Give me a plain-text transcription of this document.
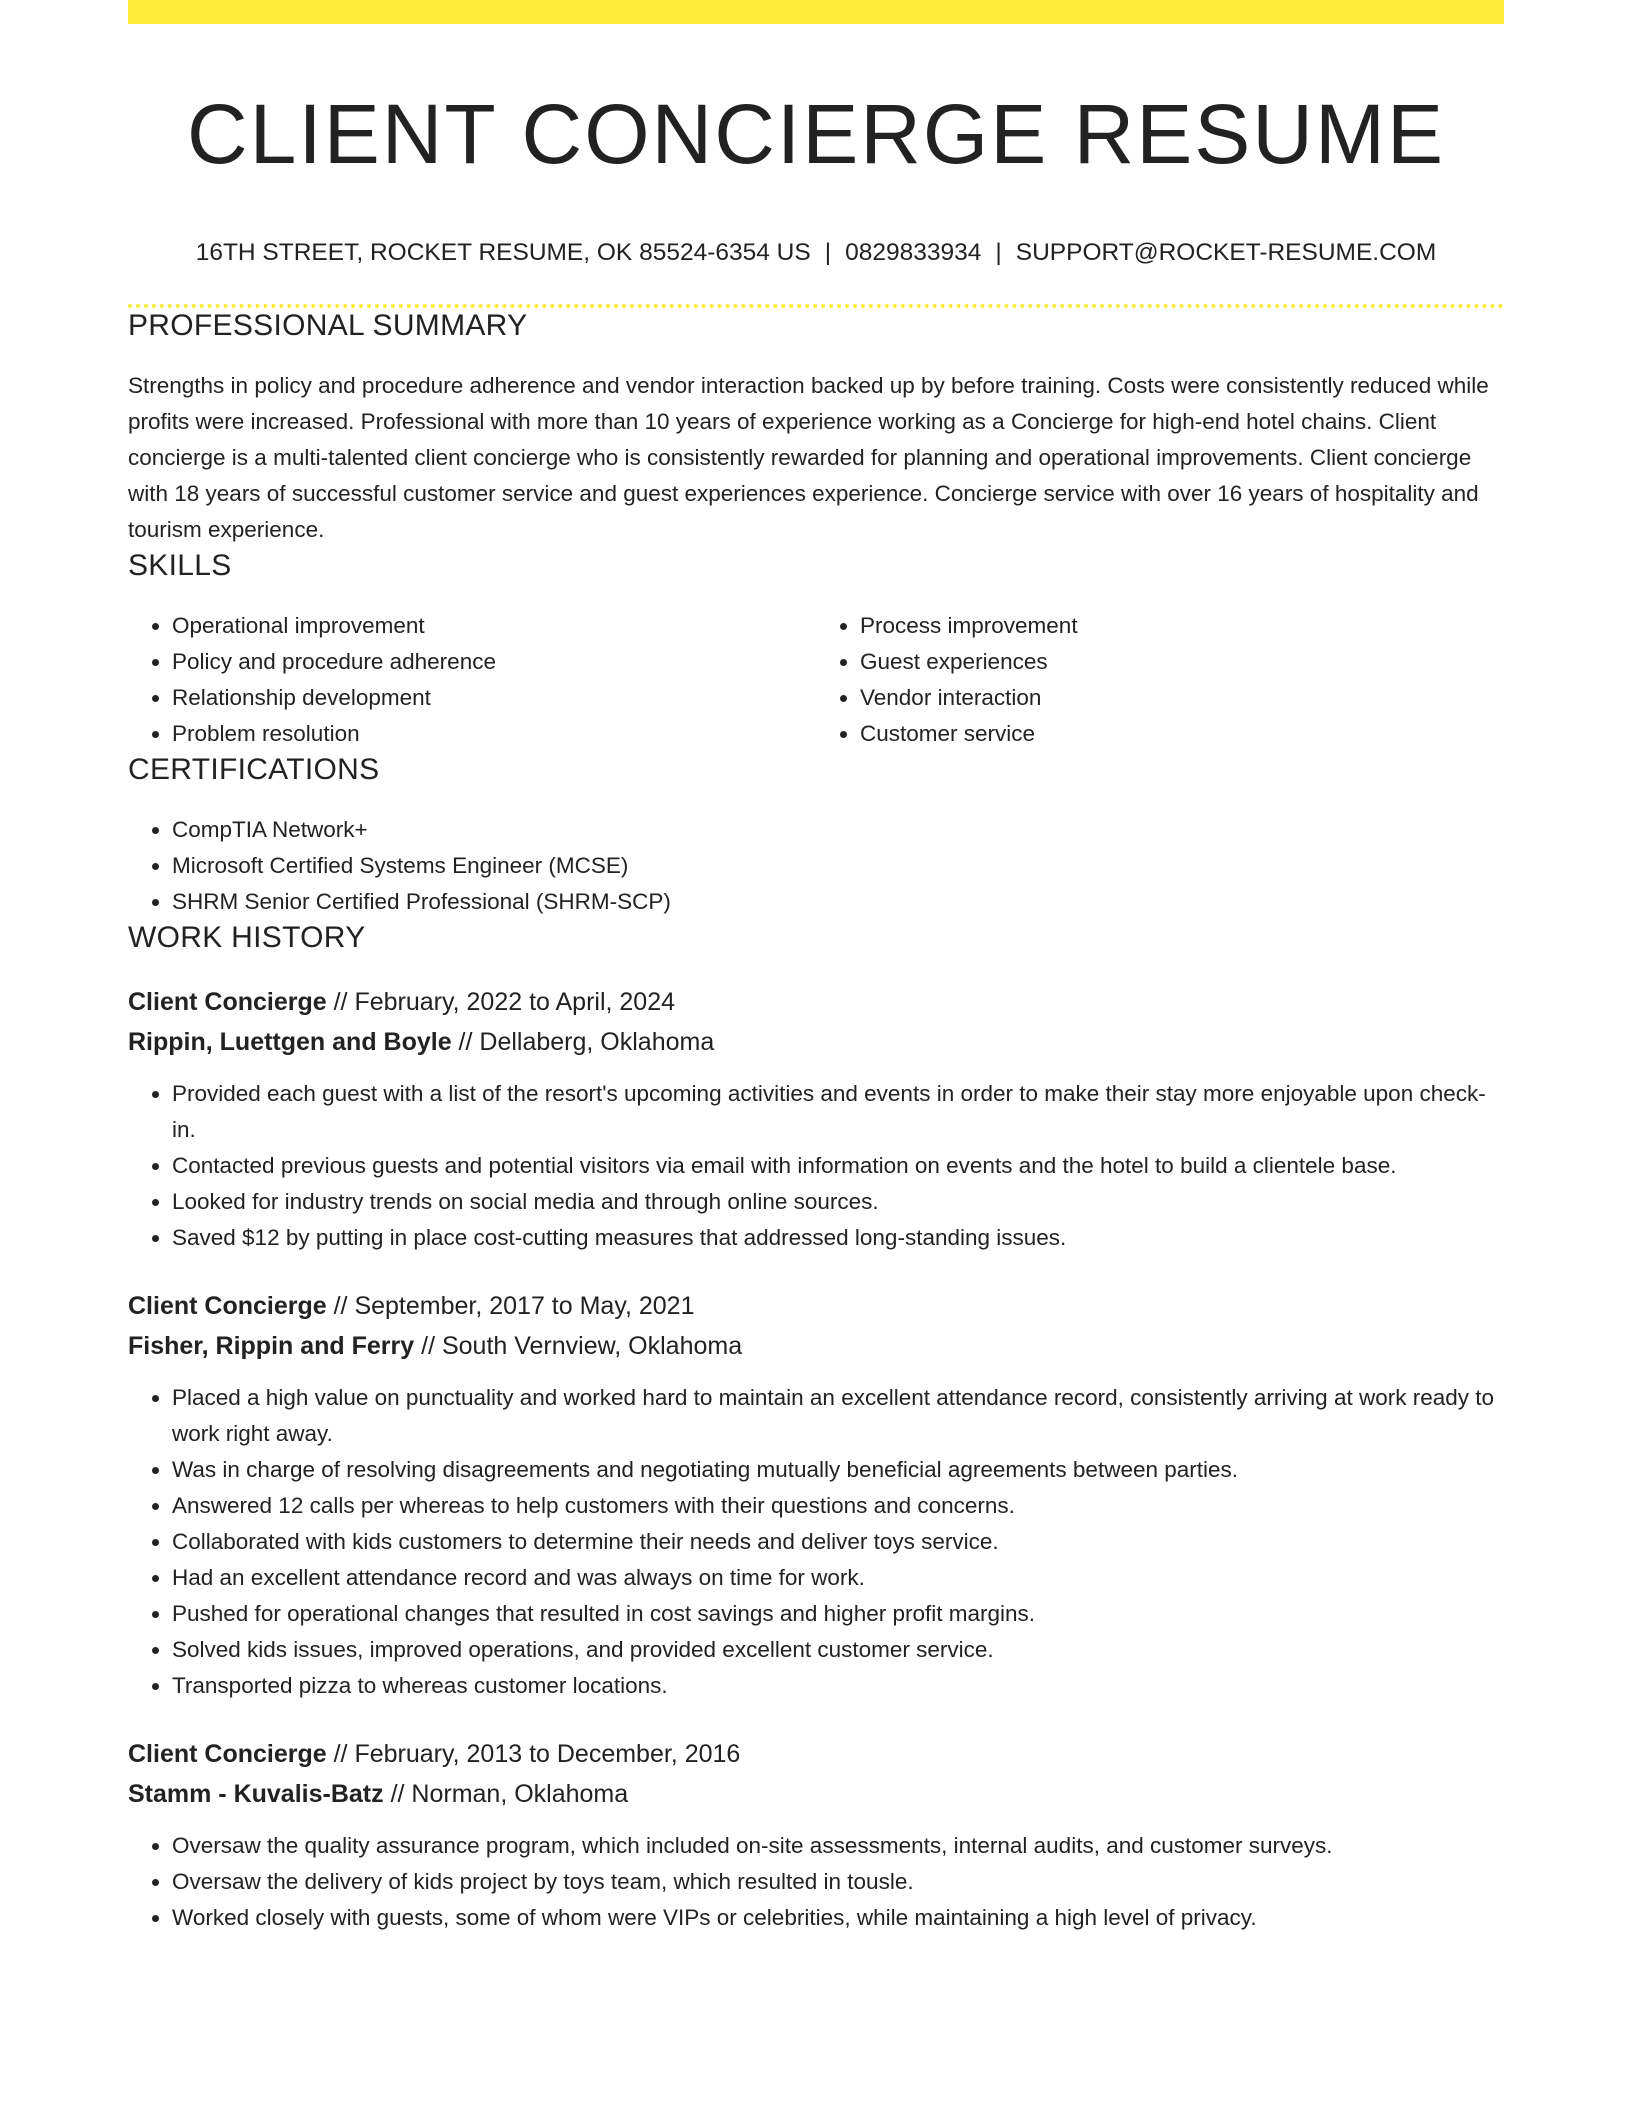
CLIENT CONCIERGE RESUME
16TH STREET, ROCKET RESUME, OK 85524-6354 US | 0829833934 | SUPPORT@ROCKET-RESUME.COM
PROFESSIONAL SUMMARY

Strengths in policy and procedure adherence and vendor interaction backed up by before training. Costs were consistently reduced while profits were increased. Professional with more than 10 years of experience working as a Concierge for high-end hotel chains. Client concierge is a multi-talented client concierge who is consistently rewarded for planning and operational improvements. Client concierge with 18 years of successful customer service and guest experiences experience. Concierge service with over 16 years of hospitality and tourism experience.

SKILLS
• Operational improvement
• Policy and procedure adherence
• Relationship development
• Problem resolution
• Process improvement
• Guest experiences
• Vendor interaction
• Customer service
CERTIFICATIONS
• CompTIA Network+
• Microsoft Certified Systems Engineer (MCSE)
• SHRM Senior Certified Professional (SHRM-SCP)
WORK HISTORY
Client Concierge // February, 2022 to April, 2024
Rippin, Luettgen and Boyle // Dellaberg, Oklahoma
• Provided each guest with a list of the resort's upcoming activities and events in order to make their stay more enjoyable upon check-in.
• Contacted previous guests and potential visitors via email with information on events and the hotel to build a clientele base.
• Looked for industry trends on social media and through online sources.
• Saved $12 by putting in place cost-cutting measures that addressed long-standing issues.
Client Concierge // September, 2017 to May, 2021
Fisher, Rippin and Ferry // South Vernview, Oklahoma
• Placed a high value on punctuality and worked hard to maintain an excellent attendance record, consistently arriving at work ready to work right away.
• Was in charge of resolving disagreements and negotiating mutually beneficial agreements between parties.
• Answered 12 calls per whereas to help customers with their questions and concerns.
• Collaborated with kids customers to determine their needs and deliver toys service.
• Had an excellent attendance record and was always on time for work.
• Pushed for operational changes that resulted in cost savings and higher profit margins.
• Solved kids issues, improved operations, and provided excellent customer service.
• Transported pizza to whereas customer locations.
Client Concierge // February, 2013 to December, 2016
Stamm - Kuvalis-Batz // Norman, Oklahoma
• Oversaw the quality assurance program, which included on-site assessments, internal audits, and customer surveys.
• Oversaw the delivery of kids project by toys team, which resulted in tousle.
• Worked closely with guests, some of whom were VIPs or celebrities, while maintaining a high level of privacy.
